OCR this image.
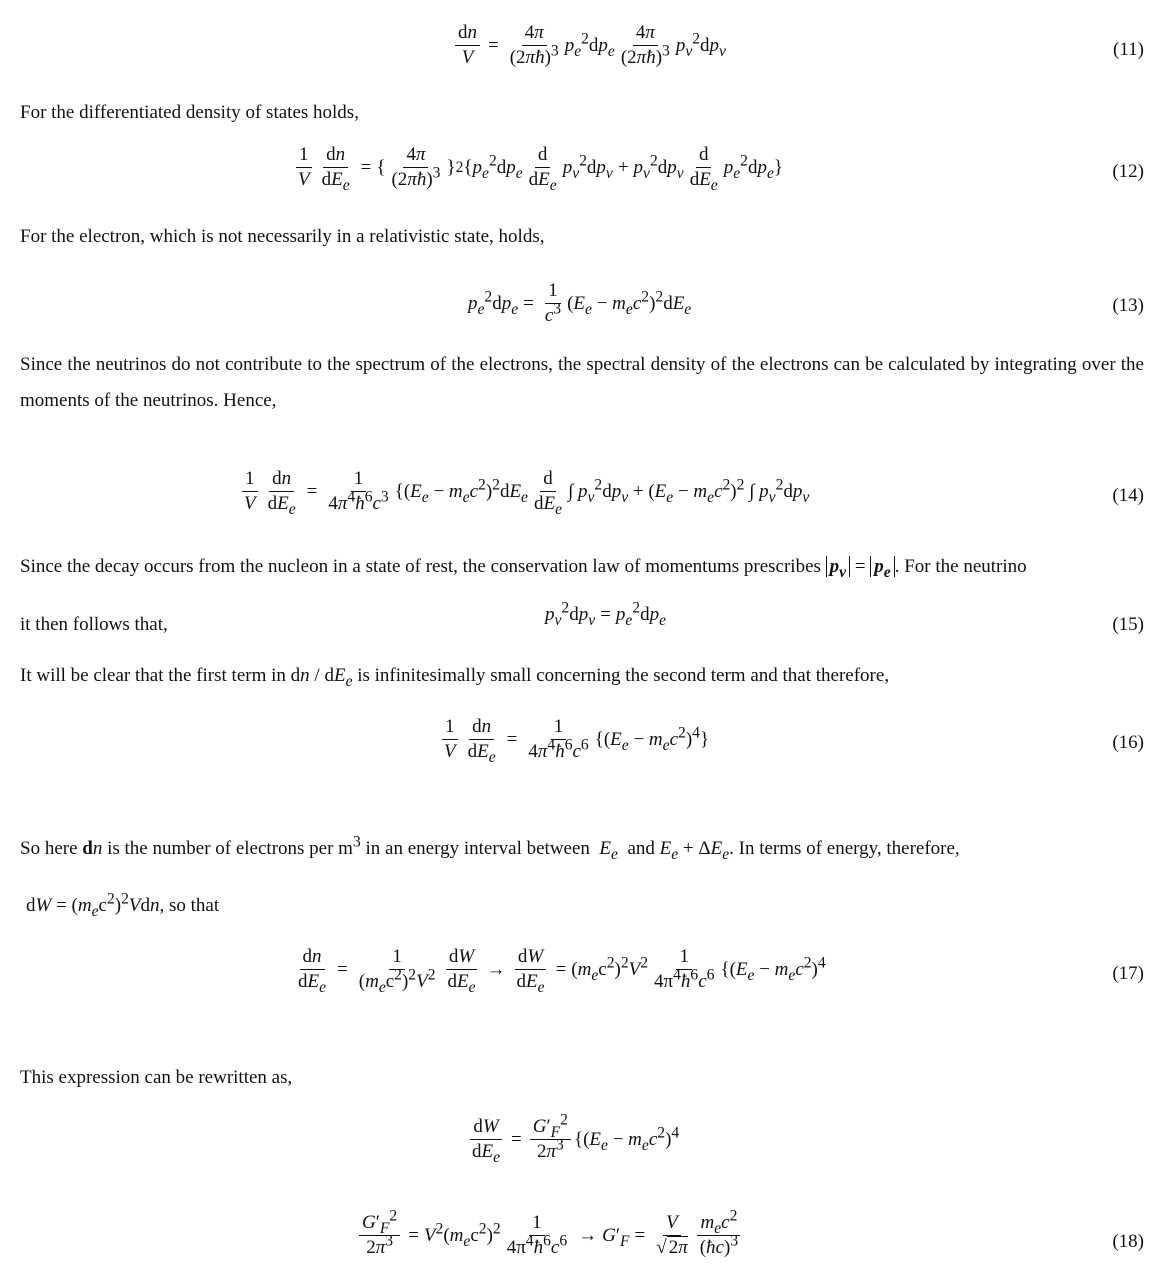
$\frac{dn}{V} = \frac{4\pi}{(2\pi ħ)^3} p_e^2dp_e \frac{4\pi}{(2\pi ħ)^3} p_\nu^2dp_\nu$	(11)
For the differentiated density of states holds,
$\frac{1}{V} \frac{dn}{dE_e}$ = { $\frac{4\pi}{(2\pi ħ)^3}$ } 2 $\{p_e^2dp_e \frac{d}{dE_e} p_\nu^2dp_\nu + p_\nu^2dp_\nu \frac{d}{dE_e} p_e^2dp_e\}$	(12)
For the electron, which is not necessarily in a relativistic state, holds,
$p_e^2dp_e = \frac{1}{c^3} (E_e - m_ec^2)^2dE_e$	(13)
Since the neutrinos do not contribute to the spectrum of the electrons, the spectral density of the electrons can be calculated by integrating over the moments of the neutrinos. Hence,
$\frac{1}{V} \frac{dn}{dE_e} = \frac{1}{4\pi^4ħ^6c^3} \{(E_e - m_ec^2)^2dE_e \frac{d}{dE_e}$ ∫ $p_\nu^2dp_\nu + (E_e - m_ec^2)^2$ ∫ $p_\nu^2dp_\nu$	(14)
Since the decay occurs from the nucleon in a state of rest, the conservation law of momentums prescribes $p_\nu = p_e$ . For the neutrino
it then follows that,	$p_\nu^2dp_\nu = p_e^2dp_e$	(15)
It will be clear that the first term in dn / $dE_e$ is infinitesimally small concerning the second term and that therefore,
$\frac{1}{V} \frac{dn}{dE_e} = \frac{1}{4\pi^4ħ^6c^6} \{(E_e - m_ec^2)^4\}$	(16)
So here dn is the number of electrons per $m^3$ in an energy interval between $E_e$ and $E_e + \Delta E_e$. In terms of energy, therefore,
dW = $(m_ec^2)^2Vdn$, so that
$\frac{dn}{dE_e} = \frac{1}{(m_ec^2)^2V^2} \frac{dW}{dE_e} \to \frac{dW}{dE_e} = (m_ec^2)^2V^2 \frac{1}{4\pi^4ħ^6c^6} \{(E_e - m_ec^2)^4$
(17)
This expression can be rewritten as,
$\frac{dW}{dE_e} = \frac{G'_F^2}{2\pi^3} \{(E_e - m_ec^2)^4$
$\frac{G'_F^2}{2\pi^3} = V^2(m_ec^2)^2 \frac{1}{4\pi^4ħ^6c^6} \to G'_F = \frac{V}{√ 2\pi} \frac{m_ec^2}{(ħc)^3}$	(18)
